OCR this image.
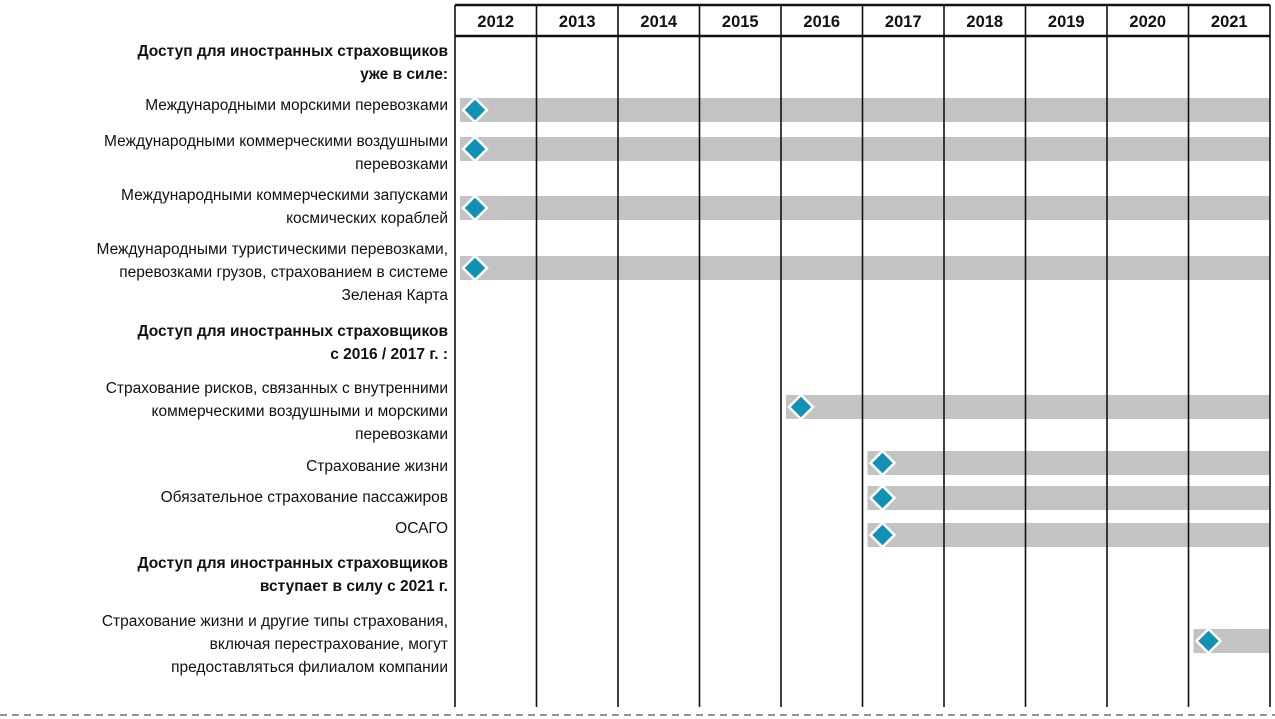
Доступ для иностранных страховщиков уже в силе:
Международными морскими перевозками
Международными коммерческими воздушными перевозками
Международными коммерческими запусками космических кораблей
Международными туристическими перевозками, перевозками грузов, страхованием в системе Зеленая Карта
Доступ для иностранных страховщиков с 2016 / 2017 г. :
Страхование рисков, связанных с внутренними коммерческими воздушными и морскими перевозками
Страхование жизни
Обязательное страхование пассажиров
ОСАГО
Доступ для иностранных страховщиков вступает в силу с 2021 г.
Страхование жизни и другие типы страхования, включая перестрахование, могут предоставляться филиалом компании
2012	2013	2014	2015	2016	2017	2018	2019	2020	2021
